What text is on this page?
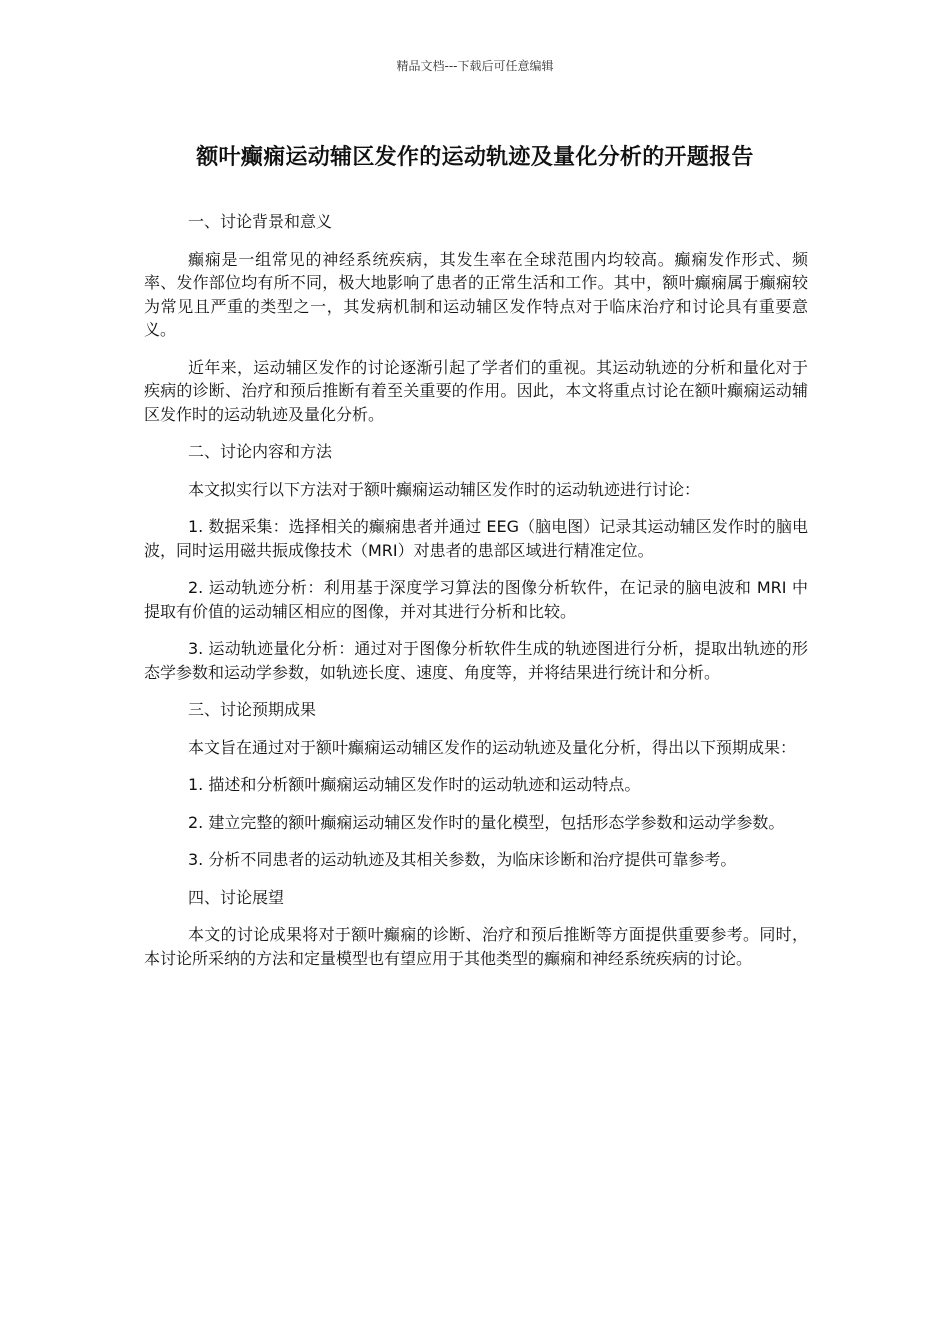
精品文档---下载后可任意编辑
额叶癫痫运动辅区发作的运动轨迹及量化分析的开题报告

一、讨论背景和意义

癫痫是一组常见的神经系统疾病，其发生率在全球范围内均较高。癫痫发作形式、频率、发作部位均有所不同，极大地影响了患者的正常生活和工作。其中，额叶癫痫属于癫痫较为常见且严重的类型之一，其发病机制和运动辅区发作特点对于临床治疗和讨论具有重要意义。

近年来，运动辅区发作的讨论逐渐引起了学者们的重视。其运动轨迹的分析和量化对于疾病的诊断、治疗和预后推断有着至关重要的作用。因此，本文将重点讨论在额叶癫痫运动辅区发作时的运动轨迹及量化分析。

二、讨论内容和方法

本文拟实行以下方法对于额叶癫痫运动辅区发作时的运动轨迹进行讨论：

1. 数据采集：选择相关的癫痫患者并通过 EEG（脑电图）记录其运动辅区发作时的脑电波，同时运用磁共振成像技术（MRI）对患者的患部区域进行精准定位。

2. 运动轨迹分析：利用基于深度学习算法的图像分析软件，在记录的脑电波和 MRI 中提取有价值的运动辅区相应的图像，并对其进行分析和比较。

3. 运动轨迹量化分析：通过对于图像分析软件生成的轨迹图进行分析，提取出轨迹的形态学参数和运动学参数，如轨迹长度、速度、角度等，并将结果进行统计和分析。

三、讨论预期成果

本文旨在通过对于额叶癫痫运动辅区发作的运动轨迹及量化分析，得出以下预期成果：

1. 描述和分析额叶癫痫运动辅区发作时的运动轨迹和运动特点。

2. 建立完整的额叶癫痫运动辅区发作时的量化模型，包括形态学参数和运动学参数。

3. 分析不同患者的运动轨迹及其相关参数，为临床诊断和治疗提供可靠参考。

四、讨论展望

本文的讨论成果将对于额叶癫痫的诊断、治疗和预后推断等方面提供重要参考。同时，本讨论所采纳的方法和定量模型也有望应用于其他类型的癫痫和神经系统疾病的讨论。
